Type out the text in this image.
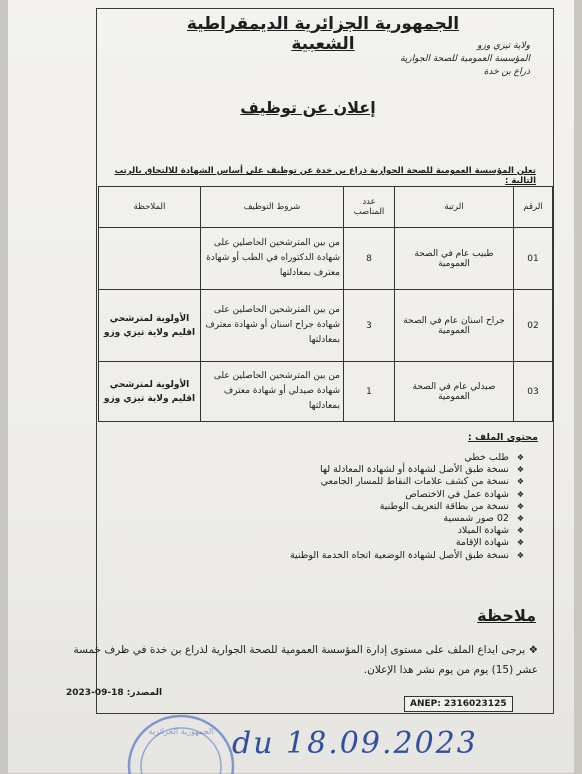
الجمهورية الجزائرية الديمقراطية الشعبية	ولاية تيزي وزو
المؤسسة العمومية للصحة الجوارية
ذراع بن خدة
إعلان عن توظيف
تعلن المؤسسة العمومية للصحة الجوارية ذراع بن خدة عن توظيف على أساس الشهادة للالتحاق بالرتب التالية :
الرقم	الرتبة	عدد المناصب	شروط التوظيف	الملاحظة
01	طبيب عام في الصحة العمومية	8	من بين المترشحين الحاصلين على شهادة الدكتوراه في الطب أو شهادة معترف بمعادلتها	
02	جراح اسنان عام في الصحة العمومية	3	من بين المترشحين الحاصلين على شهادة جراح اسنان أو شهادة معترف بمعادلتها	الأولوية لمترشحي اقليم ولاية تيزي وزو
03	صيدلي عام في الصحة العمومية	1	من بين المترشحين الحاصلين على شهادة صيدلي أو شهادة معترف بمعادلتها	الأولوية لمترشحي اقليم ولاية تيزي وزو
محتوى الملف :
❖ طلب خطي
❖ نسخة طبق الأصل لشهادة أو لشهادة المعادلة لها
❖ نسخة من كشف علامات النقاط للمسار الجامعي
❖ شهادة عمل في الاختصاص
❖ نسخة من بطاقة التعريف الوطنية
❖ 02 صور شمسية
❖ شهادة الميلاد
❖ شهادة الإقامة
❖ نسخة طبق الأصل لشهادة الوضعية اتجاه الخدمة الوطنية
ملاحظة
❖ يرجى ايداع الملف على مستوى إدارة المؤسسة العمومية للصحة الجوارية لذراع بن خدة في ظرف خمسة عشر (15) يوم من يوم نشر هذا الإعلان.
المصدر: 18-09-2023
ANEP: 2316023125
الجمهورية الجزائرية du 18.09.2023
